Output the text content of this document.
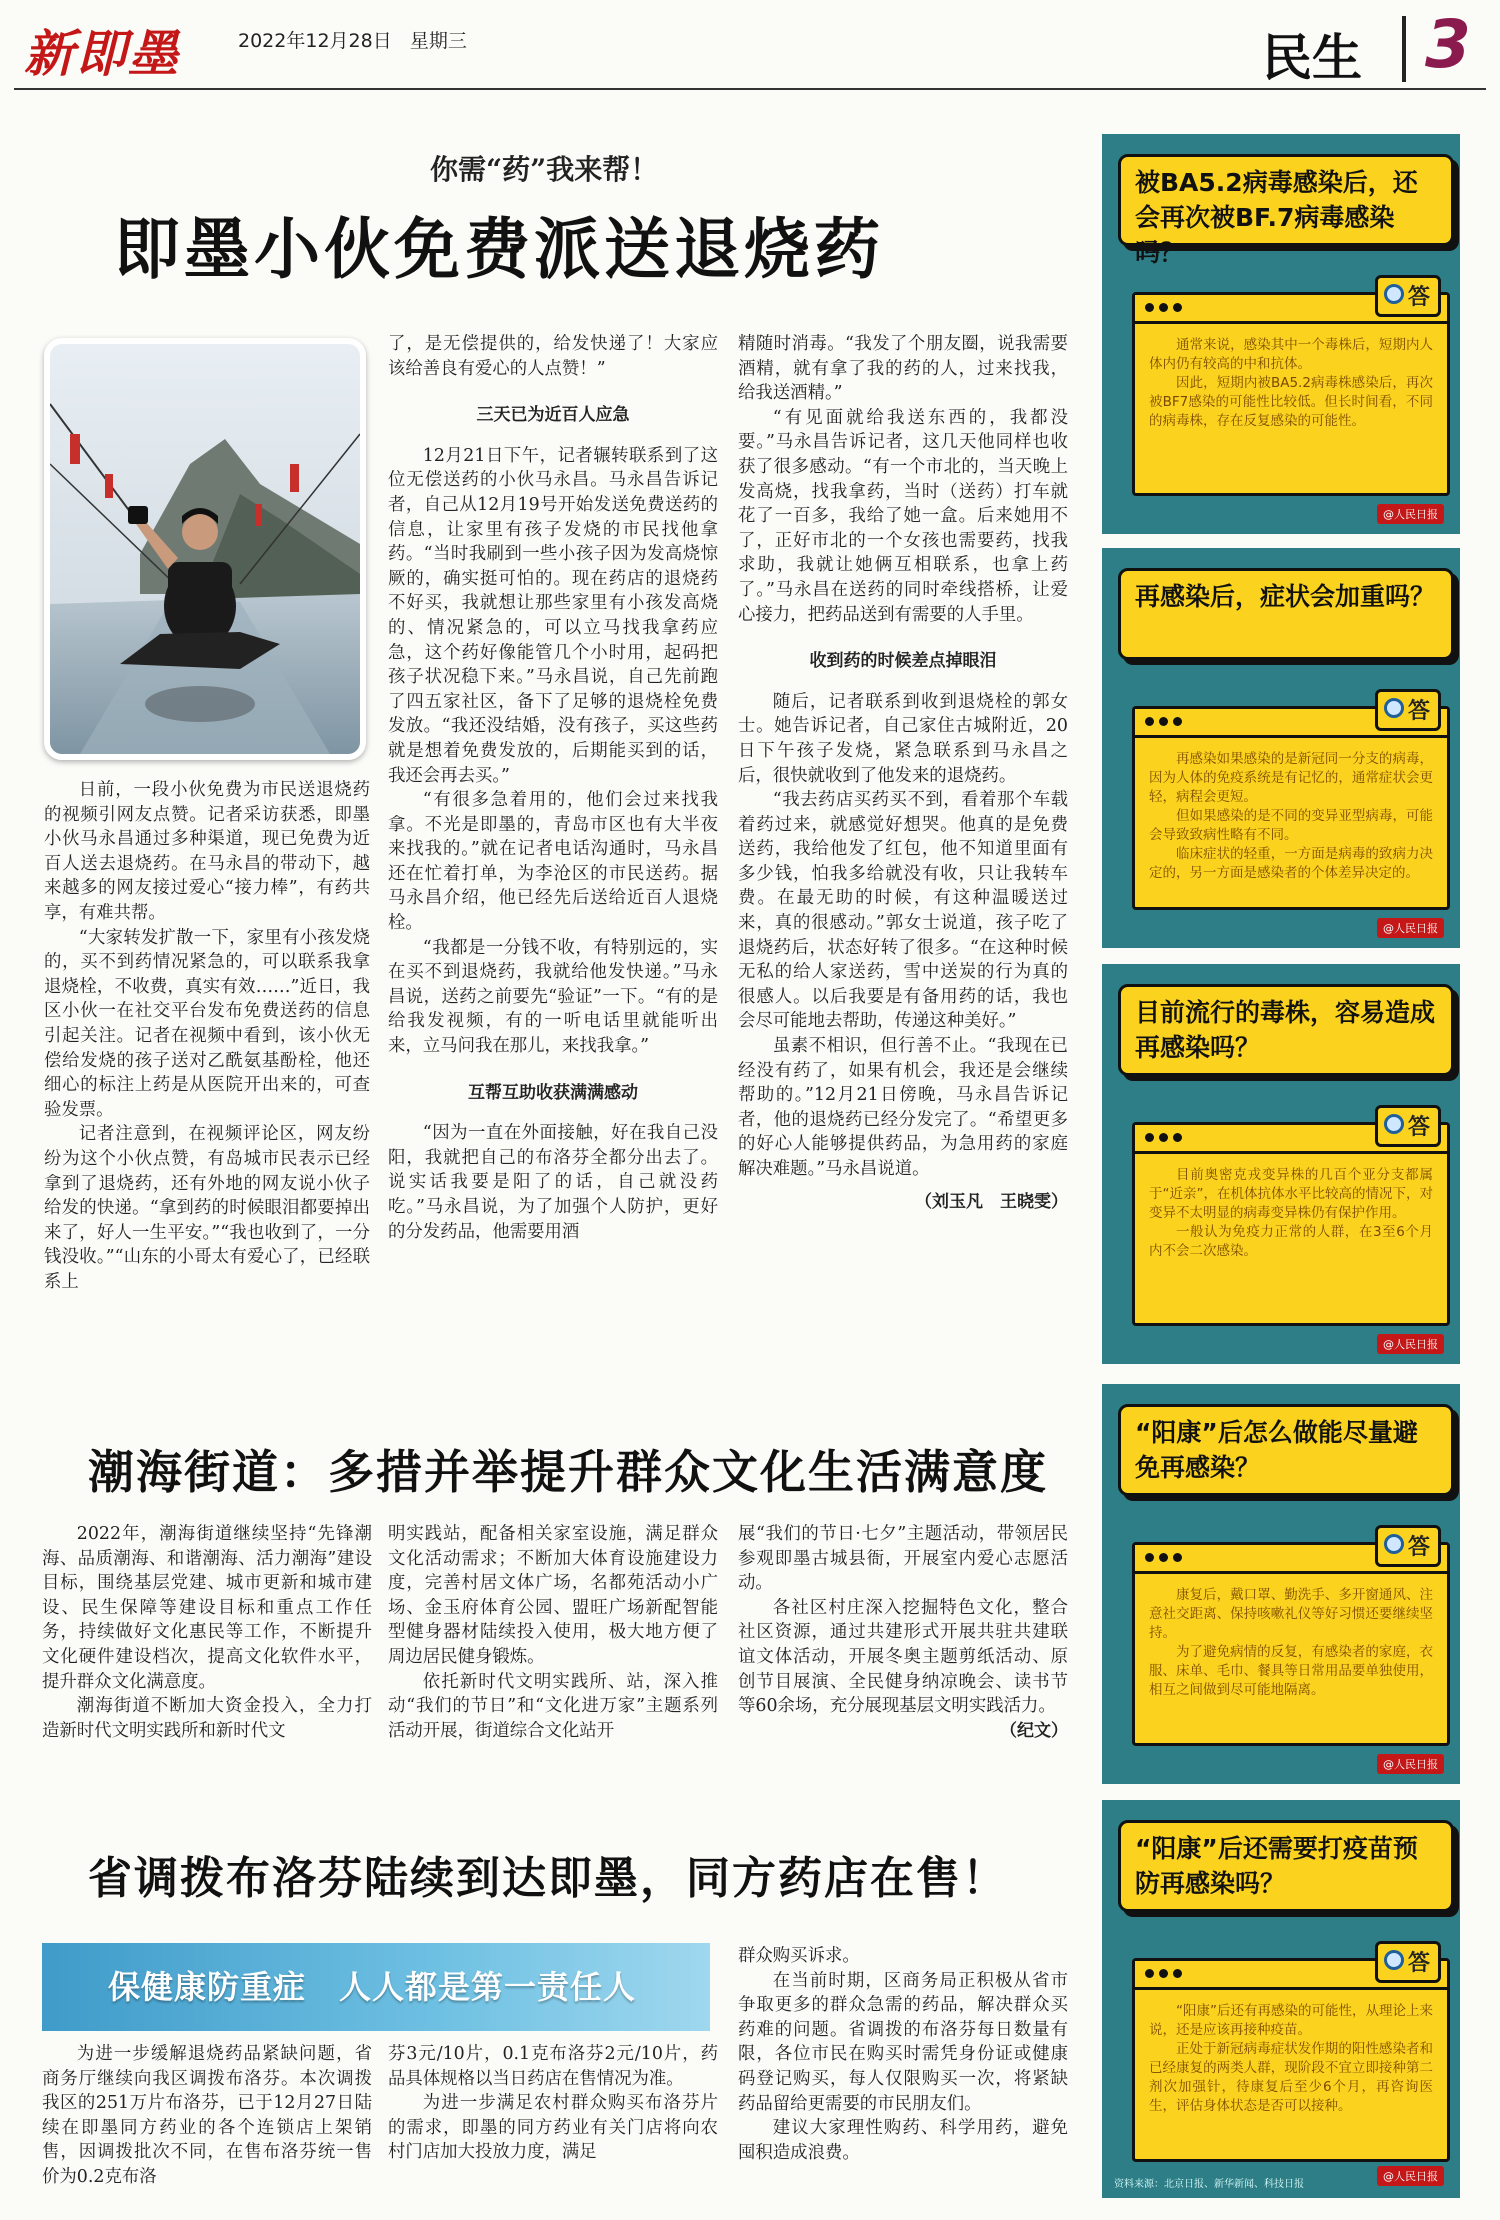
新即墨	2022年12月28日 星期三	民生 3
你需“药”我来帮！
即墨小伙免费派送退烧药

日前，一段小伙免费为市民送退烧药的视频引网友点赞。记者采访获悉，即墨小伙马永昌通过多种渠道，现已免费为近百人送去退烧药。在马永昌的带动下，越来越多的网友接过爱心“接力棒”，有药共享，有难共帮。

“大家转发扩散一下，家里有小孩发烧的，买不到药情况紧急的，可以联系我拿退烧栓，不收费，真实有效……”近日，我区小伙一在社交平台发布免费送药的信息引起关注。记者在视频中看到，该小伙无偿给发烧的孩子送对乙酰氨基酚栓，他还细心的标注上药是从医院开出来的，可查验发票。

记者注意到，在视频评论区，网友纷纷为这个小伙点赞，有岛城市民表示已经拿到了退烧药，还有外地的网友说小伙子给发的快递。“拿到药的时候眼泪都要掉出来了，好人一生平安。”“我也收到了，一分钱没收。”“山东的小哥太有爱心了，已经联系上

了，是无偿提供的，给发快递了！大家应该给善良有爱心的人点赞！”

三天已为近百人应急

12月21日下午，记者辗转联系到了这位无偿送药的小伙马永昌。马永昌告诉记者，自己从12月19号开始发送免费送药的信息，让家里有孩子发烧的市民找他拿药。“当时我刷到一些小孩子因为发高烧惊厥的，确实挺可怕的。现在药店的退烧药不好买，我就想让那些家里有小孩发高烧的、情况紧急的，可以立马找我拿药应急，这个药好像能管几个小时用，起码把孩子状况稳下来。”马永昌说，自己先前跑了四五家社区，备下了足够的退烧栓免费发放。“我还没结婚，没有孩子，买这些药就是想着免费发放的，后期能买到的话，我还会再去买。”

“有很多急着用的，他们会过来找我拿。不光是即墨的，青岛市区也有大半夜来找我的。”就在记者电话沟通时，马永昌还在忙着打单，为李沧区的市民送药。据马永昌介绍，他已经先后送给近百人退烧栓。

“我都是一分钱不收，有特别远的，实在买不到退烧药，我就给他发快递。”马永昌说，送药之前要先“验证”一下。“有的是给我发视频，有的一听电话里就能听出来，立马问我在那儿，来找我拿。”

互帮互助收获满满感动

“因为一直在外面接触，好在我自己没阳，我就把自己的布洛芬全都分出去了。说实话我要是阳了的话，自己就没药吃。”马永昌说，为了加强个人防护，更好的分发药品，他需要用酒

精随时消毒。“我发了个朋友圈，说我需要酒精，就有拿了我的药的人，过来找我，给我送酒精。”

“有见面就给我送东西的，我都没要。”马永昌告诉记者，这几天他同样也收获了很多感动。“有一个市北的，当天晚上发高烧，找我拿药，当时（送药）打车就花了一百多，我给了她一盒。后来她用不了，正好市北的一个女孩也需要药，找我求助，我就让她俩互相联系，也拿上药了。”马永昌在送药的同时牵线搭桥，让爱心接力，把药品送到有需要的人手里。

收到药的时候差点掉眼泪

随后，记者联系到收到退烧栓的郭女士。她告诉记者，自己家住古城附近，20日下午孩子发烧，紧急联系到马永昌之后，很快就收到了他发来的退烧药。

“我去药店买药买不到，看着那个车载着药过来，就感觉好想哭。他真的是免费送药，我给他发了红包，他不知道里面有多少钱，怕我多给就没有收，只让我转车费。在最无助的时候，有这种温暖送过来，真的很感动。”郭女士说道，孩子吃了退烧药后，状态好转了很多。“在这种时候无私的给人家送药，雪中送炭的行为真的很感人。以后我要是有备用药的话，我也会尽可能地去帮助，传递这种美好。”

虽素不相识，但行善不止。“我现在已经没有药了，如果有机会，我还是会继续帮助的。”12月21日傍晚，马永昌告诉记者，他的退烧药已经分发完了。“希望更多的好心人能够提供药品，为急用药的家庭解决难题。”马永昌说道。

（刘玉凡　王晓雯）

潮海街道：多措并举提升群众文化生活满意度

2022年，潮海街道继续坚持“先锋潮海、品质潮海、和谐潮海、活力潮海”建设目标，围绕基层党建、城市更新和城市建设、民生保障等建设目标和重点工作任务，持续做好文化惠民等工作，不断提升文化硬件建设档次，提高文化软件水平，提升群众文化满意度。

潮海街道不断加大资金投入，全力打造新时代文明实践所和新时代文

明实践站，配备相关家室设施，满足群众文化活动需求；不断加大体育设施建设力度，完善村居文体广场，名都苑活动小广场、金玉府体育公园、盟旺广场新配智能型健身器材陆续投入使用，极大地方便了周边居民健身锻炼。

依托新时代文明实践所、站，深入推动“我们的节日”和“文化进万家”主题系列活动开展，街道综合文化站开

展“我们的节日·七夕”主题活动，带领居民参观即墨古城县衙，开展室内爱心志愿活动。

各社区村庄深入挖掘特色文化，整合社区资源，通过共建形式开展共驻共建联谊文体活动，开展冬奥主题剪纸活动、原创节目展演、全民健身纳凉晚会、读书节等60余场，充分展现基层文明实践活力。

（纪文）

省调拨布洛芬陆续到达即墨，同方药店在售！
保健康防重症　人人都是第一责任人

为进一步缓解退烧药品紧缺问题，省商务厅继续向我区调拨布洛芬。本次调拨我区的251万片布洛芬，已于12月27日陆续在即墨同方药业的各个连锁店上架销售，因调拨批次不同，在售布洛芬统一售价为0.2克布洛

芬3元/10片，0.1克布洛芬2元/10片，药品具体规格以当日药店在售情况为准。

为进一步满足农村群众购买布洛芬片的需求，即墨的同方药业有关门店将向农村门店加大投放力度，满足

群众购买诉求。

在当前时期，区商务局正积极从省市争取更多的群众急需的药品，解决群众买药难的问题。省调拨的布洛芬每日数量有限，各位市民在购买时需凭身份证或健康码登记购买，每人仅限购买一次，将紧缺药品留给更需要的市民朋友们。

建议大家理性购药、科学用药，避免囤积造成浪费。

被BA5.2病毒感染后，还会再次被BF.7病毒感染吗？
答

通常来说，感染其中一个毒株后，短期内人体内仍有较高的中和抗体。

因此，短期内被BA5.2病毒株感染后，再次被BF7感染的可能性比较低。但长时间看，不同的病毒株，存在反复感染的可能性。

@人民日报
再感染后，症状会加重吗？
答

再感染如果感染的是新冠同一分支的病毒，因为人体的免疫系统是有记忆的，通常症状会更轻，病程会更短。

但如果感染的是不同的变异亚型病毒，可能会导致致病性略有不同。

临床症状的轻重，一方面是病毒的致病力决定的，另一方面是感染者的个体差异决定的。

@人民日报
目前流行的毒株，容易造成再感染吗？
答

目前奥密克戎变异株的几百个亚分支都属于“近亲”，在机体抗体水平比较高的情况下，对变异不太明显的病毒变异株仍有保护作用。

一般认为免疫力正常的人群，在3至6个月内不会二次感染。

@人民日报
“阳康”后怎么做能尽量避免再感染？
答

康复后，戴口罩、勤洗手、多开窗通风、注意社交距离、保持咳嗽礼仪等好习惯还要继续坚持。

为了避免病情的反复，有感染者的家庭，衣服、床单、毛巾、餐具等日常用品要单独使用，相互之间做到尽可能地隔离。

@人民日报
“阳康”后还需要打疫苗预防再感染吗？
答

“阳康”后还有再感染的可能性，从理论上来说，还是应该再接种疫苗。

正处于新冠病毒症状发作期的阳性感染者和已经康复的两类人群，现阶段不宜立即接种第二剂次加强针，待康复后至少6个月，再咨询医生，评估身体状态是否可以接种。

资料来源：北京日报、新华新闻、科技日报
@人民日报
